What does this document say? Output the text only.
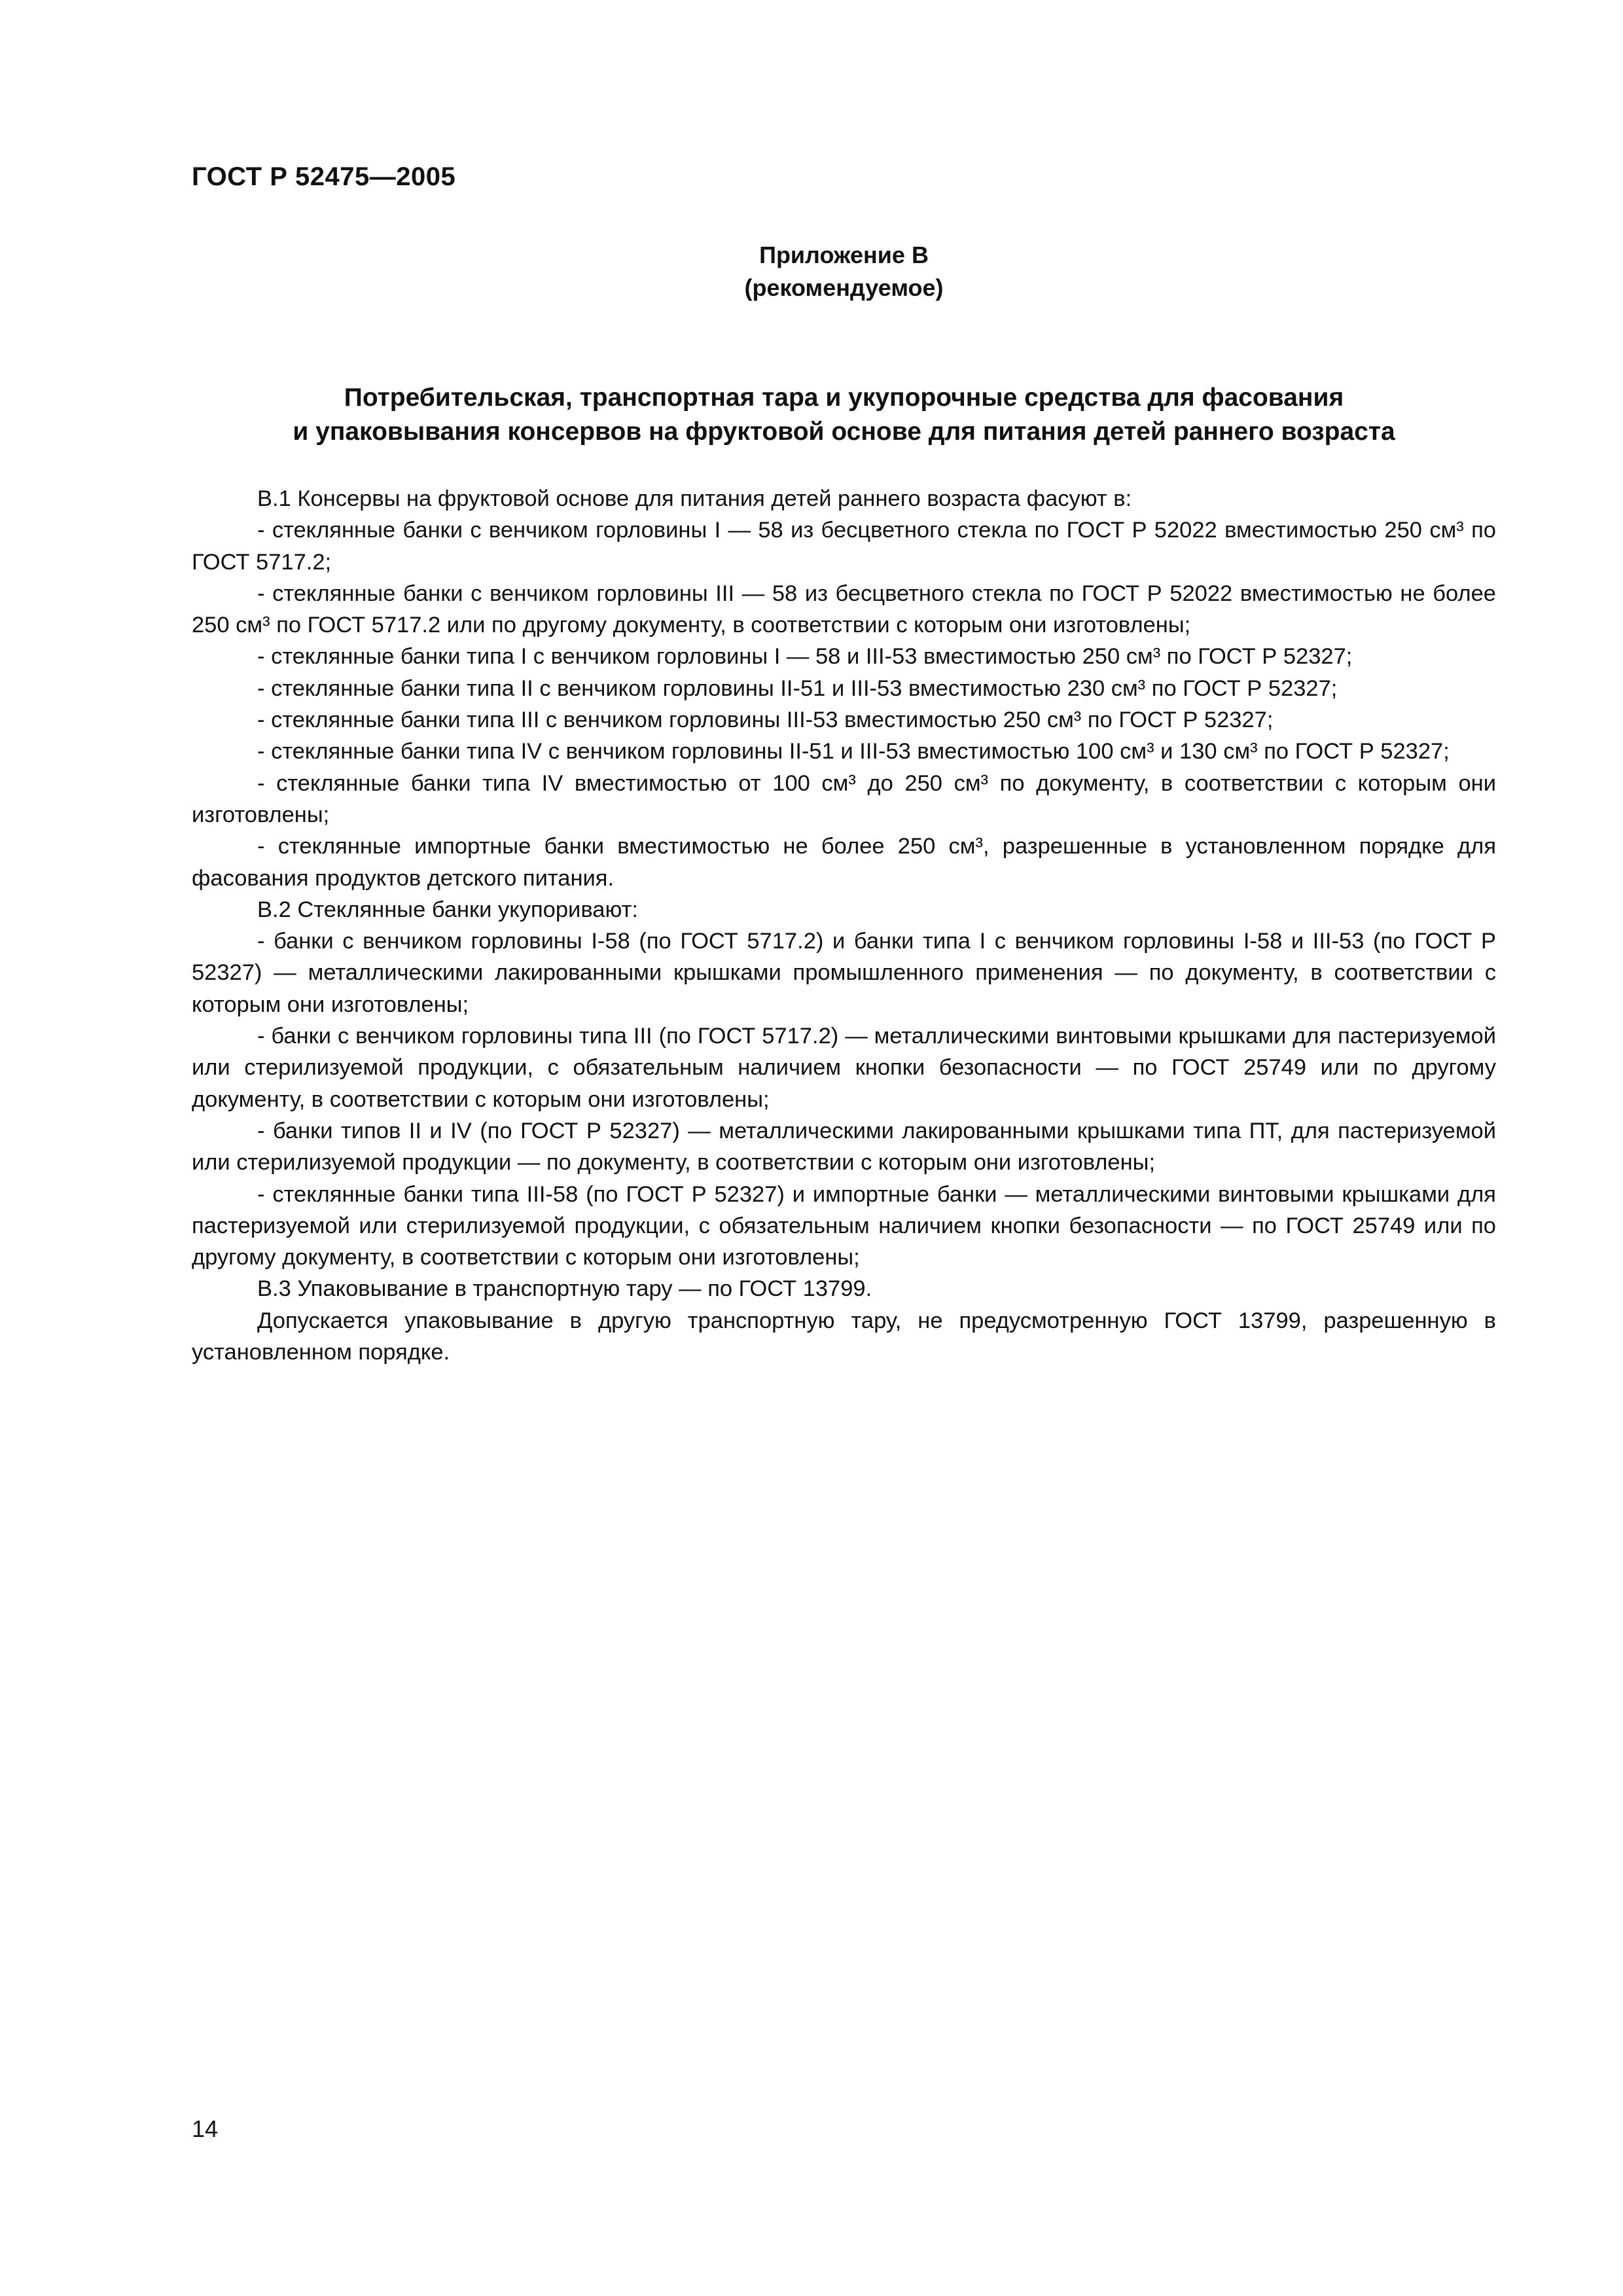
ГОСТ Р 52475—2005
Приложение В
(рекомендуемое)
Потребительская, транспортная тара и укупорочные средства для фасования
и упаковывания консервов на фруктовой основе для питания детей раннего возраста

В.1 Консервы на фруктовой основе для питания детей раннего возраста фасуют в:

- стеклянные банки с венчиком горловины I — 58 из бесцветного стекла по ГОСТ Р 52022 вместимостью 250 см³ по ГОСТ 5717.2;

- стеклянные банки с венчиком горловины III — 58 из бесцветного стекла по ГОСТ Р 52022 вместимостью не более 250 см³ по ГОСТ 5717.2 или по другому документу, в соответствии с которым они изготовлены;

- стеклянные банки типа I с венчиком горловины I — 58 и III-53 вместимостью 250 см³ по ГОСТ Р 52327;

- стеклянные банки типа II с венчиком горловины II-51 и III-53 вместимостью 230 см³ по ГОСТ Р 52327;

- стеклянные банки типа III с венчиком горловины III-53 вместимостью 250 см³ по ГОСТ Р 52327;

- стеклянные банки типа IV с венчиком горловины II-51 и III-53 вместимостью 100 см³ и 130 см³ по ГОСТ Р 52327;

- стеклянные банки типа IV вместимостью от 100 см³ до 250 см³ по документу, в соответствии с которым они изготовлены;

- стеклянные импортные банки вместимостью не более 250 см³, разрешенные в установленном порядке для фасования продуктов детского питания.

В.2 Стеклянные банки укупоривают:

- банки с венчиком горловины I-58 (по ГОСТ 5717.2) и банки типа I с венчиком горловины I-58 и III-53 (по ГОСТ Р 52327) — металлическими лакированными крышками промышленного применения — по документу, в соответствии с которым они изготовлены;

- банки с венчиком горловины типа III (по ГОСТ 5717.2) — металлическими винтовыми крышками для пастеризуемой или стерилизуемой продукции, с обязательным наличием кнопки безопасности — по ГОСТ 25749 или по другому документу, в соответствии с которым они изготовлены;

- банки типов II и IV (по ГОСТ Р 52327) — металлическими лакированными крышками типа ПТ, для пастеризуемой или стерилизуемой продукции — по документу, в соответствии с которым они изготовлены;

- стеклянные банки типа III-58 (по ГОСТ Р 52327) и импортные банки — металлическими винтовыми крышками для пастеризуемой или стерилизуемой продукции, с обязательным наличием кнопки безопасности — по ГОСТ 25749 или по другому документу, в соответствии с которым они изготовлены;

В.3 Упаковывание в транспортную тару — по ГОСТ 13799.

Допускается упаковывание в другую транспортную тару, не предусмотренную ГОСТ 13799, разрешенную в установленном порядке.

14
